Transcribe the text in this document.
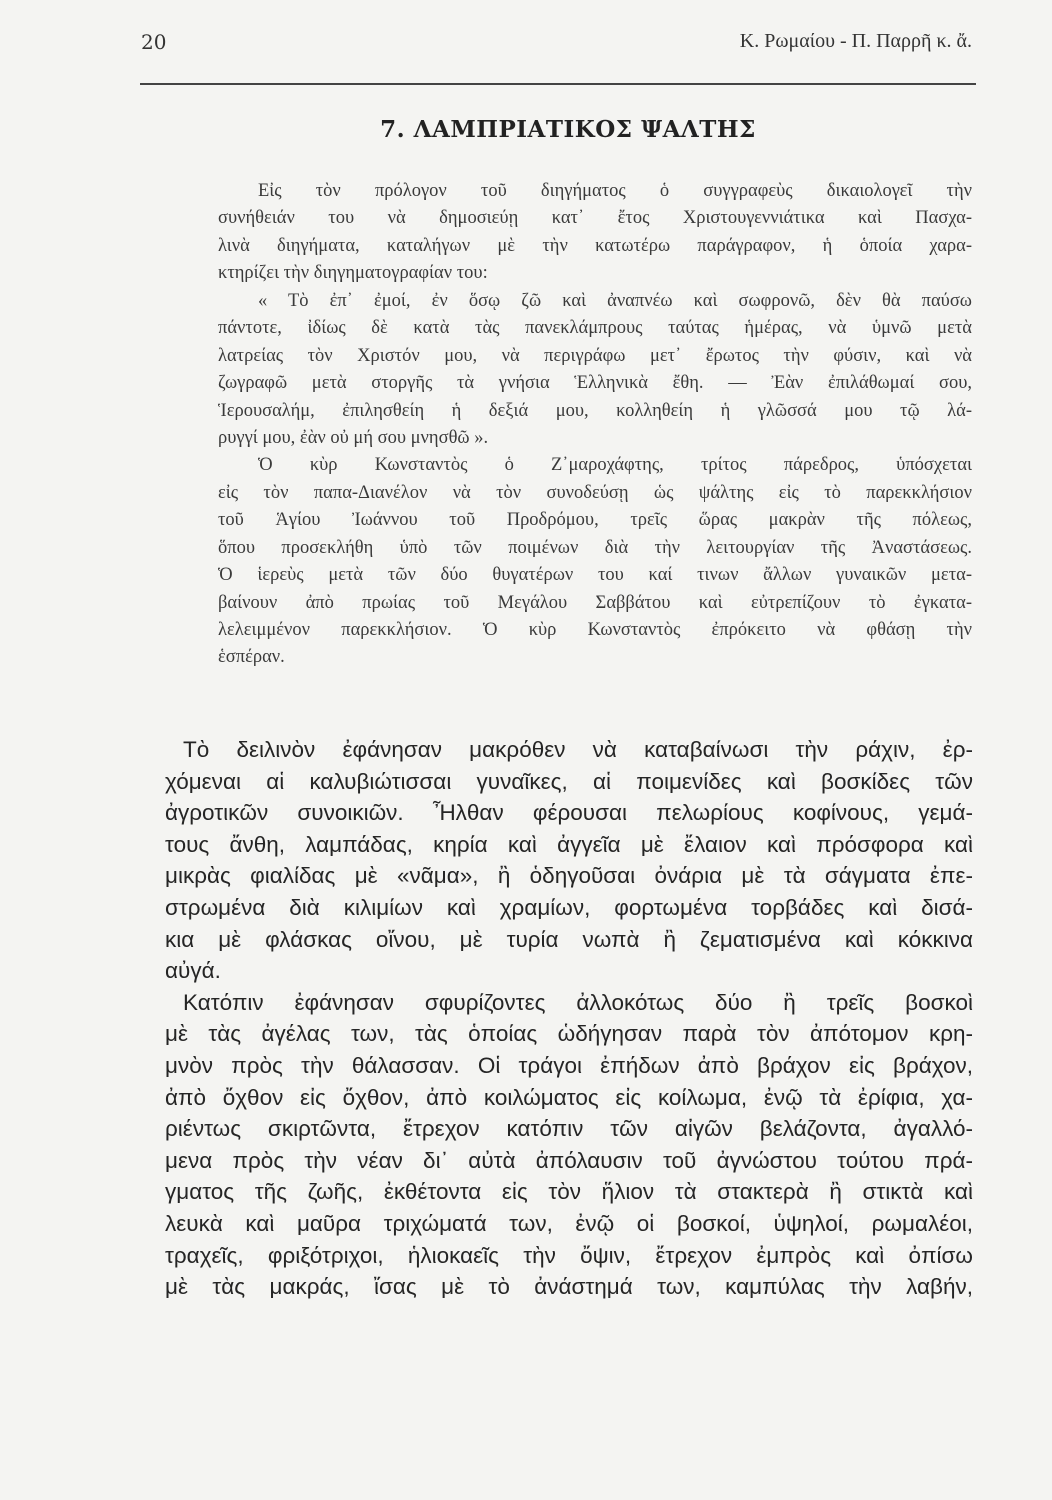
20	Κ. Ρωμαίου - Π. Παρρῆ κ. ἄ.
7. ΛΑΜΠΡΙΑΤΙΚΟΣ ΨΑΛΤΗΣ
Εἰς τὸν πρόλογον τοῦ διηγήματος ὁ συγγραφεὺς δικαιολογεῖ τὴν
συνήθειάν του νὰ δημοσιεύῃ κατ᾽ ἔτος Χριστουγεννιάτικα καὶ Πασχα-
λινὰ διηγήματα, καταλήγων μὲ τὴν κατωτέρω παράγραφον, ἡ ὁποία χαρα-
κτηρίζει τὴν διηγηματογραφίαν του:
« Τὸ ἐπ᾽ ἐμοί, ἐν ὅσῳ ζῶ καὶ ἀναπνέω καὶ σωφρονῶ, δὲν θὰ παύσω
πάντοτε, ἰδίως δὲ κατὰ τὰς πανεκλάμπρους ταύτας ἡμέρας, νὰ ὑμνῶ μετὰ
λατρείας τὸν Χριστόν μου, νὰ περιγράφω μετ᾽ ἔρωτος τὴν φύσιν, καὶ νὰ
ζωγραφῶ μετὰ στοργῆς τὰ γνήσια Ἑλληνικὰ ἔθη. — Ἐὰν ἐπιλάθωμαί σου,
Ἱερουσαλήμ, ἐπιλησθείη ἡ δεξιά μου, κολληθείη ἡ γλῶσσά μου τῷ λά-
ρυγγί μου, ἐὰν οὐ μή σου μνησθῶ ».
Ὁ κὺρ Κωνσταντὸς ὁ Ζ᾽μαροχάφτης, τρίτος πάρεδρος, ὑπόσχεται
εἰς τὸν παπα-Διανέλον νὰ τὸν συνοδεύσῃ ὡς ψάλτης εἰς τὸ παρεκκλήσιον
τοῦ Ἁγίου Ἰωάννου τοῦ Προδρόμου, τρεῖς ὥρας μακρὰν τῆς πόλεως,
ὅπου προσεκλήθη ὑπὸ τῶν ποιμένων διὰ τὴν λειτουργίαν τῆς Ἀναστάσεως.
Ὁ ἱερεὺς μετὰ τῶν δύο θυγατέρων του καί τινων ἄλλων γυναικῶν μετα-
βαίνουν ἀπὸ πρωίας τοῦ Μεγάλου Σαββάτου καὶ εὐτρεπίζουν τὸ ἐγκατα-
λελειμμένον παρεκκλήσιον. Ὁ κὺρ Κωνσταντὸς ἐπρόκειτο νὰ φθάσῃ τὴν
ἑσπέραν.
Τὸ δειλινὸν ἐφάνησαν μακρόθεν νὰ καταβαίνωσι τὴν ράχιν, ἐρ-
χόμεναι αἱ καλυβιώτισσαι γυναῖκες, αἱ ποιμενίδες καὶ βοσκίδες τῶν
ἀγροτικῶν συνοικιῶν. Ἦλθαν φέρουσαι πελωρίους κοφίνους, γεμά-
τους ἄνθη, λαμπάδας, κηρία καὶ ἀγγεῖα μὲ ἔλαιον καὶ πρόσφορα καὶ
μικρὰς φιαλίδας μὲ «νᾶμα», ἢ ὁδηγοῦσαι ὀνάρια μὲ τὰ σάγματα ἐπε-
στρωμένα διὰ κιλιμίων καὶ χραμίων, φορτωμένα τορβάδες καὶ δισά-
κια μὲ φλάσκας οἴνου, μὲ τυρία νωπὰ ἢ ζεματισμένα καὶ κόκκινα
αὐγά.
Κατόπιν ἐφάνησαν σφυρίζοντες ἀλλοκότως δύο ἢ τρεῖς βοσκοὶ
μὲ τὰς ἀγέλας των, τὰς ὁποίας ὡδήγησαν παρὰ τὸν ἀπότομον κρη-
μνὸν πρὸς τὴν θάλασσαν. Οἱ τράγοι ἐπήδων ἀπὸ βράχον εἰς βράχον,
ἀπὸ ὄχθον εἰς ὄχθον, ἀπὸ κοιλώματος εἰς κοίλωμα, ἐνῷ τὰ ἐρίφια, χα-
ριέντως σκιρτῶντα, ἔτρεχον κατόπιν τῶν αἰγῶν βελάζοντα, ἀγαλλό-
μενα πρὸς τὴν νέαν δι᾽ αὐτὰ ἀπόλαυσιν τοῦ ἀγνώστου τούτου πρά-
γματος τῆς ζωῆς, ἐκθέτοντα εἰς τὸν ἥλιον τὰ στακτερὰ ἢ στικτὰ καὶ
λευκὰ καὶ μαῦρα τριχώματά των, ἐνῷ οἱ βοσκοί, ὑψηλοί, ρωμαλέοι,
τραχεῖς, φριξότριχοι, ἡλιοκαεῖς τὴν ὄψιν, ἔτρεχον ἐμπρὸς καὶ ὀπίσω
μὲ τὰς μακράς, ἴσας μὲ τὸ ἀνάστημά των, καμπύλας τὴν λαβήν,
